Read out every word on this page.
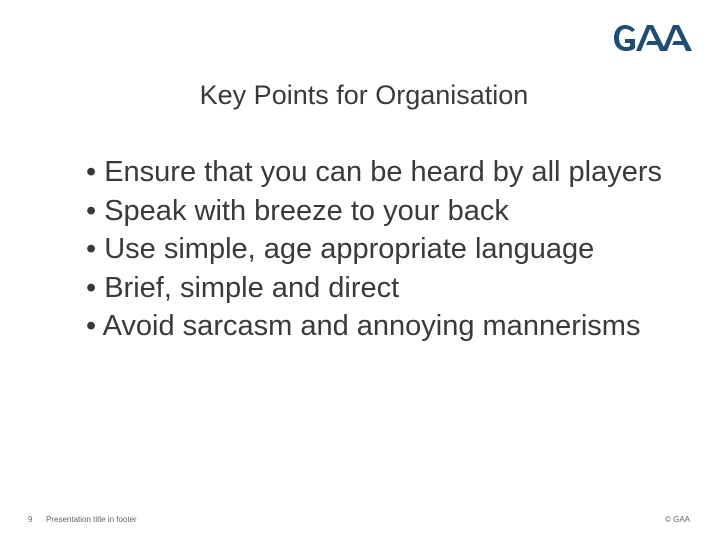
Key Points for Organisation
• Ensure that you can be heard by all players
• Speak with breeze to your back
• Use simple, age appropriate language
• Brief, simple and direct
• Avoid sarcasm and annoying mannerisms
9 Presentation title in footer	© GAA
